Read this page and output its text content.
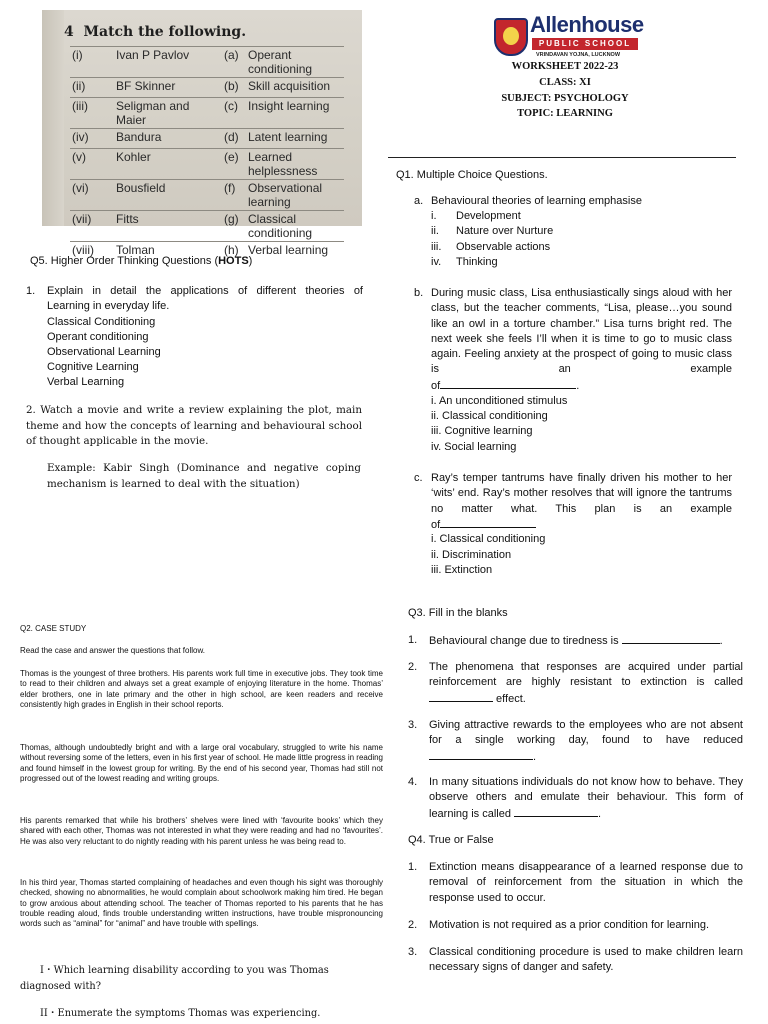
4 Match the following.
(i)	Ivan P Pavlov	(a)	Operant conditioning
(ii)	BF Skinner	(b)	Skill acquisition
(iii)	Seligman and Maier	(c)	Insight learning
(iv)	Bandura	(d)	Latent learning
(v)	Kohler	(e)	Learned helplessness
(vi)	Bousfield	(f)	Observational learning
(vii)	Fitts	(g)	Classical conditioning
(viii)	Tolman	(h)	Verbal learning
Allenhouse
PUBLIC SCHOOL
VRINDAVAN YOJNA, LUCKNOW
WORKSHEET 2022-23
CLASS: XI
SUBJECT: PSYCHOLOGY
TOPIC: LEARNING
Q5. Higher Order Thinking Questions (HOTS)
1. Explain in detail the applications of different theories of
Learning in everyday life.
Classical Conditioning
Operant conditioning
Observational Learning
Cognitive Learning
Verbal Learning
2. Watch a movie and write a review explaining the plot, main theme and how the concepts of learning and behavioural school of thought applicable in the movie.
Example: Kabir Singh (Dominance and negative coping mechanism is learned to deal with the situation)
Q1. Multiple Choice Questions.
a. Behavioural theories of learning emphasise
i. Development
ii. Nature over Nurture
iii. Observable actions
iv. Thinking
b. During music class, Lisa enthusiastically sings aloud with her class, but the teacher comments, “Lisa, please…you sound like an owl in a torture chamber.” Lisa turns bright red. The next week she feels I’ll when it is time to go to music class again. Feeling anxiety at the prospect of going to music class is an example
of	.
i. An unconditioned stimulus
ii. Classical conditioning
iii. Cognitive learning
iv. Social learning
c. Ray’s temper tantrums have finally driven his mother to her ‘wits’ end. Ray’s mother resolves that will ignore the tantrums no matter what. This plan is an example
of
i. Classical conditioning
ii. Discrimination
iii. Extinction
Q3. Fill in the blanks
1. Behavioural change due to tiredness is	.
2. The phenomena that responses are acquired under partial reinforcement are highly resistant to extinction is called  effect.
3. Giving attractive rewards to the employees who are not absent for a single working day, found to have reduced.
4. In many situations individuals do not know how to behave. They observe others and emulate their behaviour. This form of learning is called	.
Q4. True or False
1. Extinction means disappearance of a learned response due to removal of reinforcement from the situation in which the response used to occur.
2. Motivation is not required as a prior condition for learning.
3. Classical conditioning procedure is used to make children learn necessary signs of danger and safety.
Q2. CASE STUDY
Read the case and answer the questions that follow.
Thomas is the youngest of three brothers. His parents work full time in executive jobs. They took time to read to their children and always set a great example of enjoying literature in the home. Thomas’ elder brothers, one in late primary and the other in high school, are keen readers and receive consistently high grades in English in their school reports.
Thomas, although undoubtedly bright and with a large oral vocabulary, struggled to write his name without reversing some of the letters, even in his first year of school. He made little progress in reading and found himself in the lowest group for writing. By the end of his second year, Thomas had still not progressed out of the lowest reading and writing groups.
His parents remarked that while his brothers’ shelves were lined with ‘favourite books’ which they shared with each other, Thomas was not interested in what they were reading and had no ‘favourites’. He was also very reluctant to do nightly reading with his parent unless he was being read to.
In his third year, Thomas started complaining of headaches and even though his sight was thoroughly checked, showing no abnormalities, he would complain about schoolwork making him tired. He began to grow anxious about attending school. The teacher of Thomas reported to his parents that he has trouble reading aloud, finds trouble understanding written instructions, have trouble mispronouncing words such as “aminal” for “animal” and have trouble with spellings.
I・Which learning disability according to you was Thomas diagnosed with?
II・Enumerate the symptoms Thomas was experiencing.
